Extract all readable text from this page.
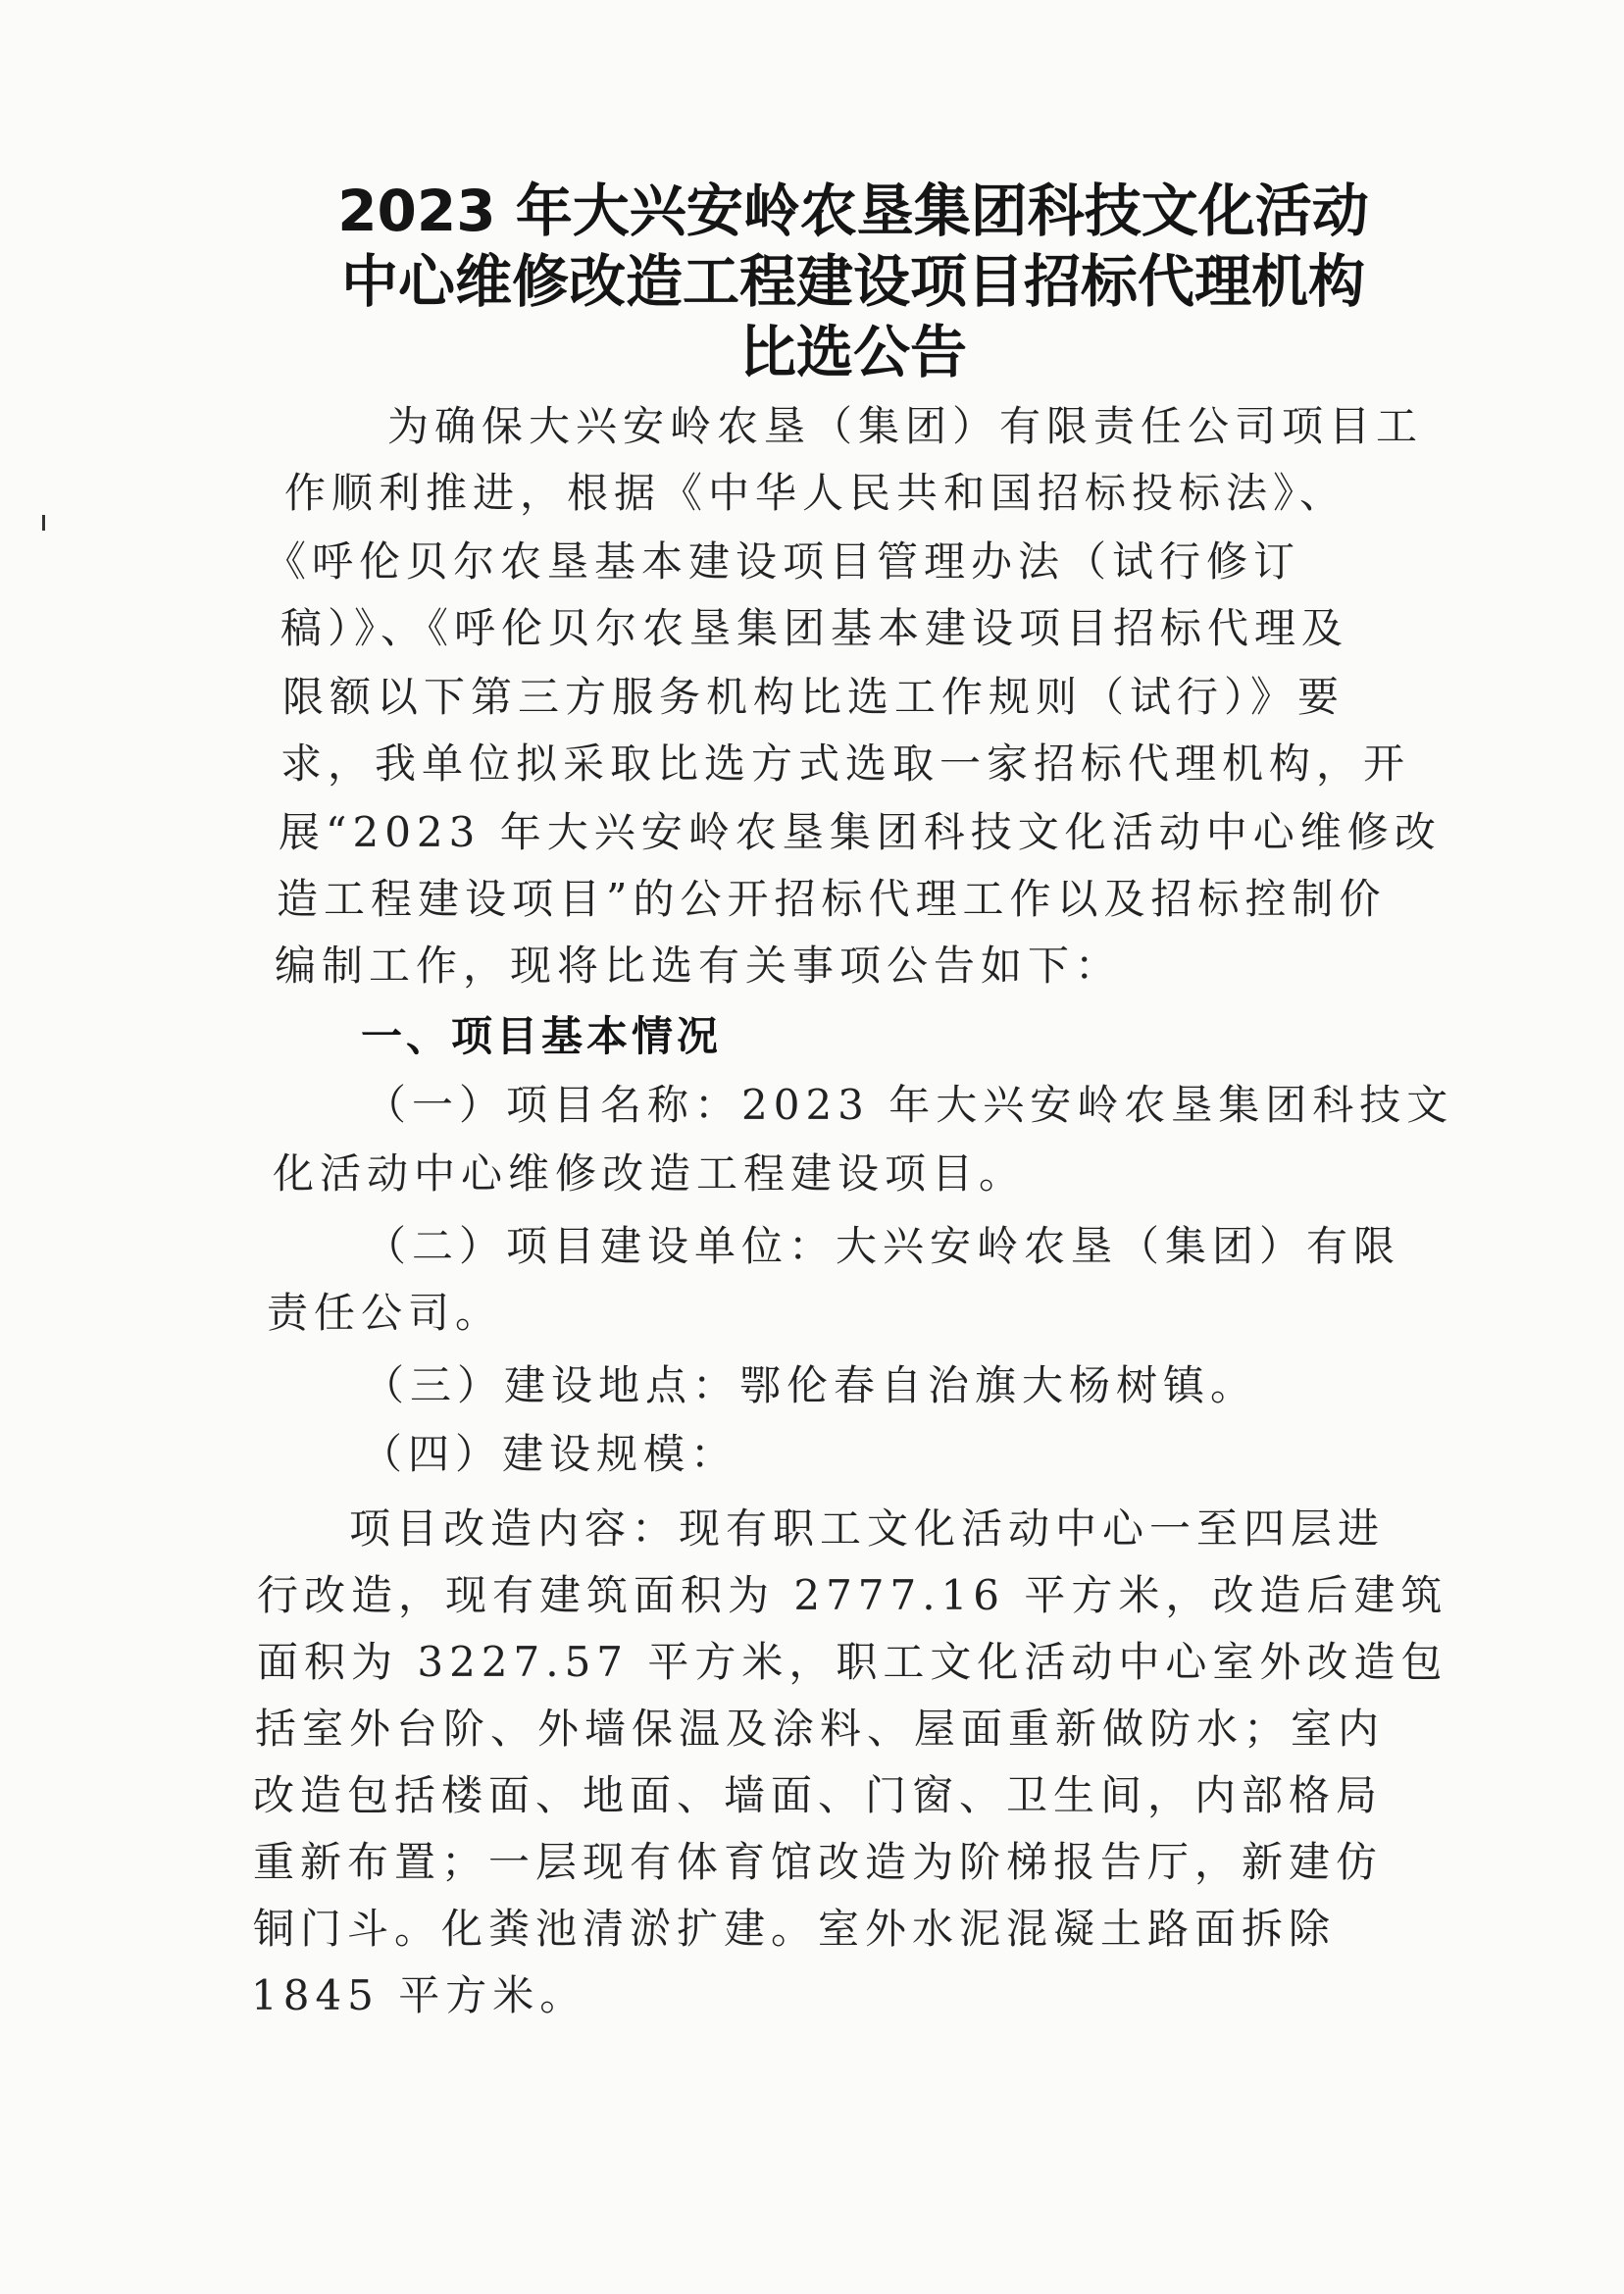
2023 年大兴安岭农垦集团科技文化活动
中心维修改造工程建设项目招标代理机构
比选公告

为确保大兴安岭农垦（集团）有限责任公司项目工

作顺利推进，根据《中华人民共和国招标投标法》、

《呼伦贝尔农垦基本建设项目管理办法（试行修订

稿）》、《呼伦贝尔农垦集团基本建设项目招标代理及

限额以下第三方服务机构比选工作规则（试行）》要

求，我单位拟采取比选方式选取一家招标代理机构，开

展“2023 年大兴安岭农垦集团科技文化活动中心维修改

造工程建设项目”的公开招标代理工作以及招标控制价

编制工作，现将比选有关事项公告如下：

一、项目基本情况

（一）项目名称：2023 年大兴安岭农垦集团科技文

化活动中心维修改造工程建设项目。

（二）项目建设单位：大兴安岭农垦（集团）有限

责任公司。

（三）建设地点：鄂伦春自治旗大杨树镇。

（四）建设规模：

项目改造内容：现有职工文化活动中心一至四层进

行改造，现有建筑面积为 2777.16 平方米，改造后建筑

面积为 3227.57 平方米，职工文化活动中心室外改造包

括室外台阶、外墙保温及涂料、屋面重新做防水；室内

改造包括楼面、地面、墙面、门窗、卫生间，内部格局

重新布置；一层现有体育馆改造为阶梯报告厅，新建仿

铜门斗。化粪池清淤扩建。室外水泥混凝土路面拆除

1845 平方米。
